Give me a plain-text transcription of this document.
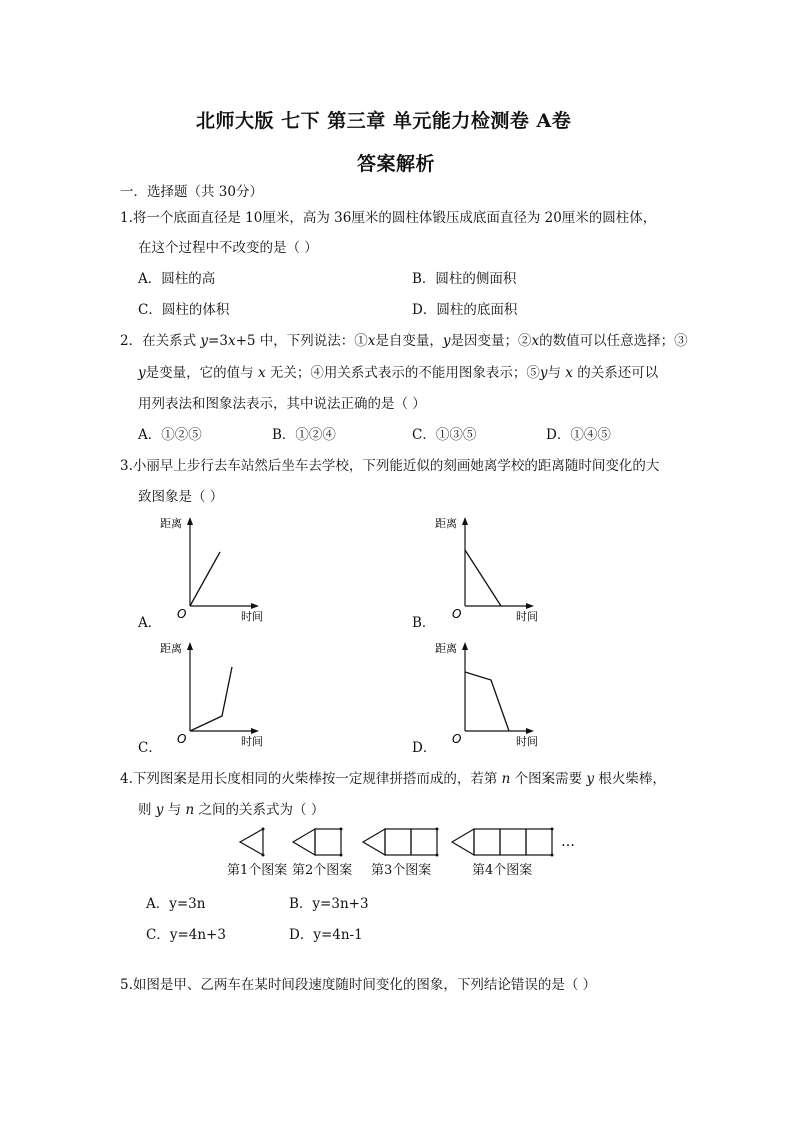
北师大版 七下 第三章 单元能力检测卷 A卷
答案解析
一．选择题（共 30分）
1.将一个底面直径是 10厘米，高为 36厘米的圆柱体锻压成底面直径为 20厘米的圆柱体，
在这个过程中不改变的是（ ）
A．圆柱的高	B．圆柱的侧面积
C．圆柱的体积	D．圆柱的底面积
2．在关系式 y=3x+5 中，下列说法：①x是自变量，y是因变量；②x的数值可以任意选择；③
y是变量，它的值与 x 无关；④用关系式表示的不能用图象表示；⑤y与 x 的关系还可以
用列表法和图象法表示，其中说法正确的是（ ）
A．①②⑤	B．①②④	C．①③⑤	D．①④⑤
3.小丽早上步行去车站然后坐车去学校，下列能近似的刻画她离学校的距离随时间变化的大
致图象是（ ）
距离
时间
O
A．
距离
时间
O
B．
距离
时间
O
C．
距离
时间
O
D．
4.下列图案是用长度相同的火柴棒按一定规律拼搭而成的，若第 n 个图案需要 y 根火柴棒，
则 y 与 n 之间的关系式为（ ）
…
第1个图案 第2个图案 第3个图案	第4个图案
A．y=3n	B．y=3n+3
C．y=4n+3	D．y=4n-1
5.如图是甲、乙两车在某时间段速度随时间变化的图象，下列结论错误的是（ ）
